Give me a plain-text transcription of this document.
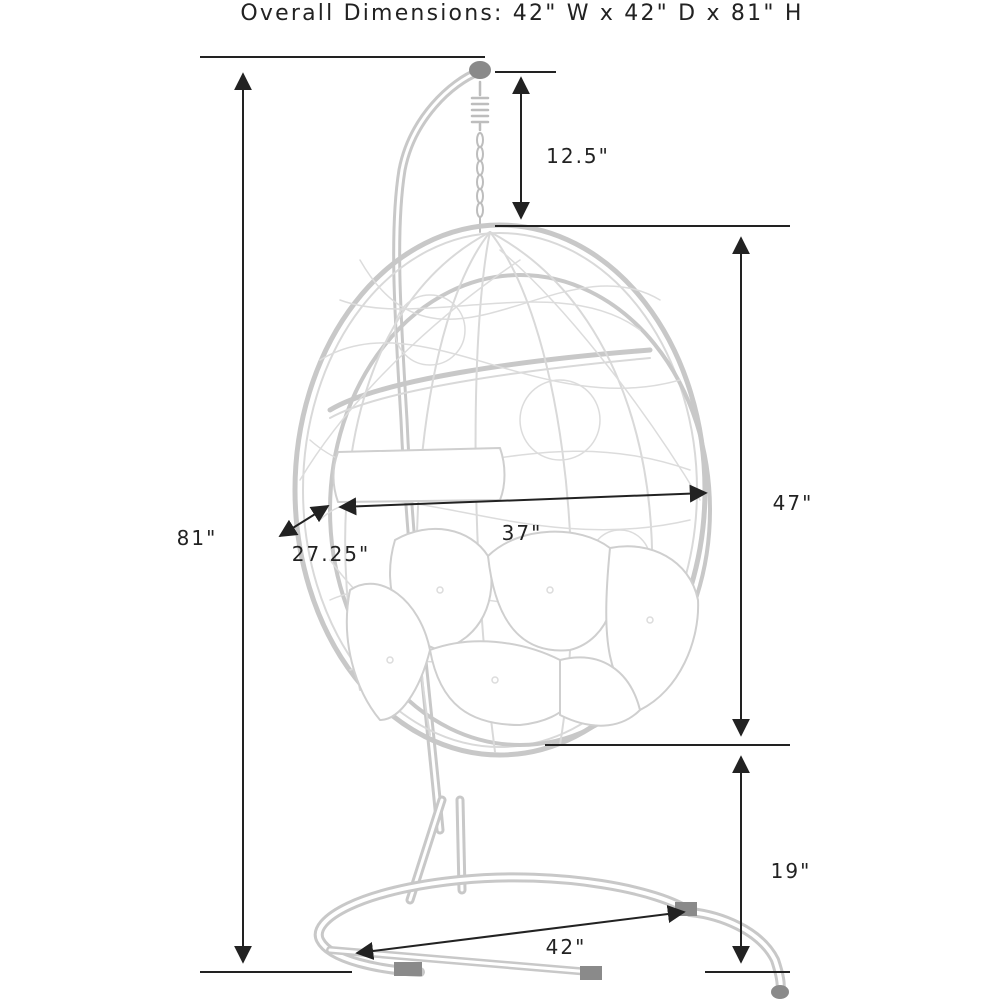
Overall Dimensions: 42" W x 42" D x 81" H
81"
12.5"
47"
37"
27.25"
19"
42"
